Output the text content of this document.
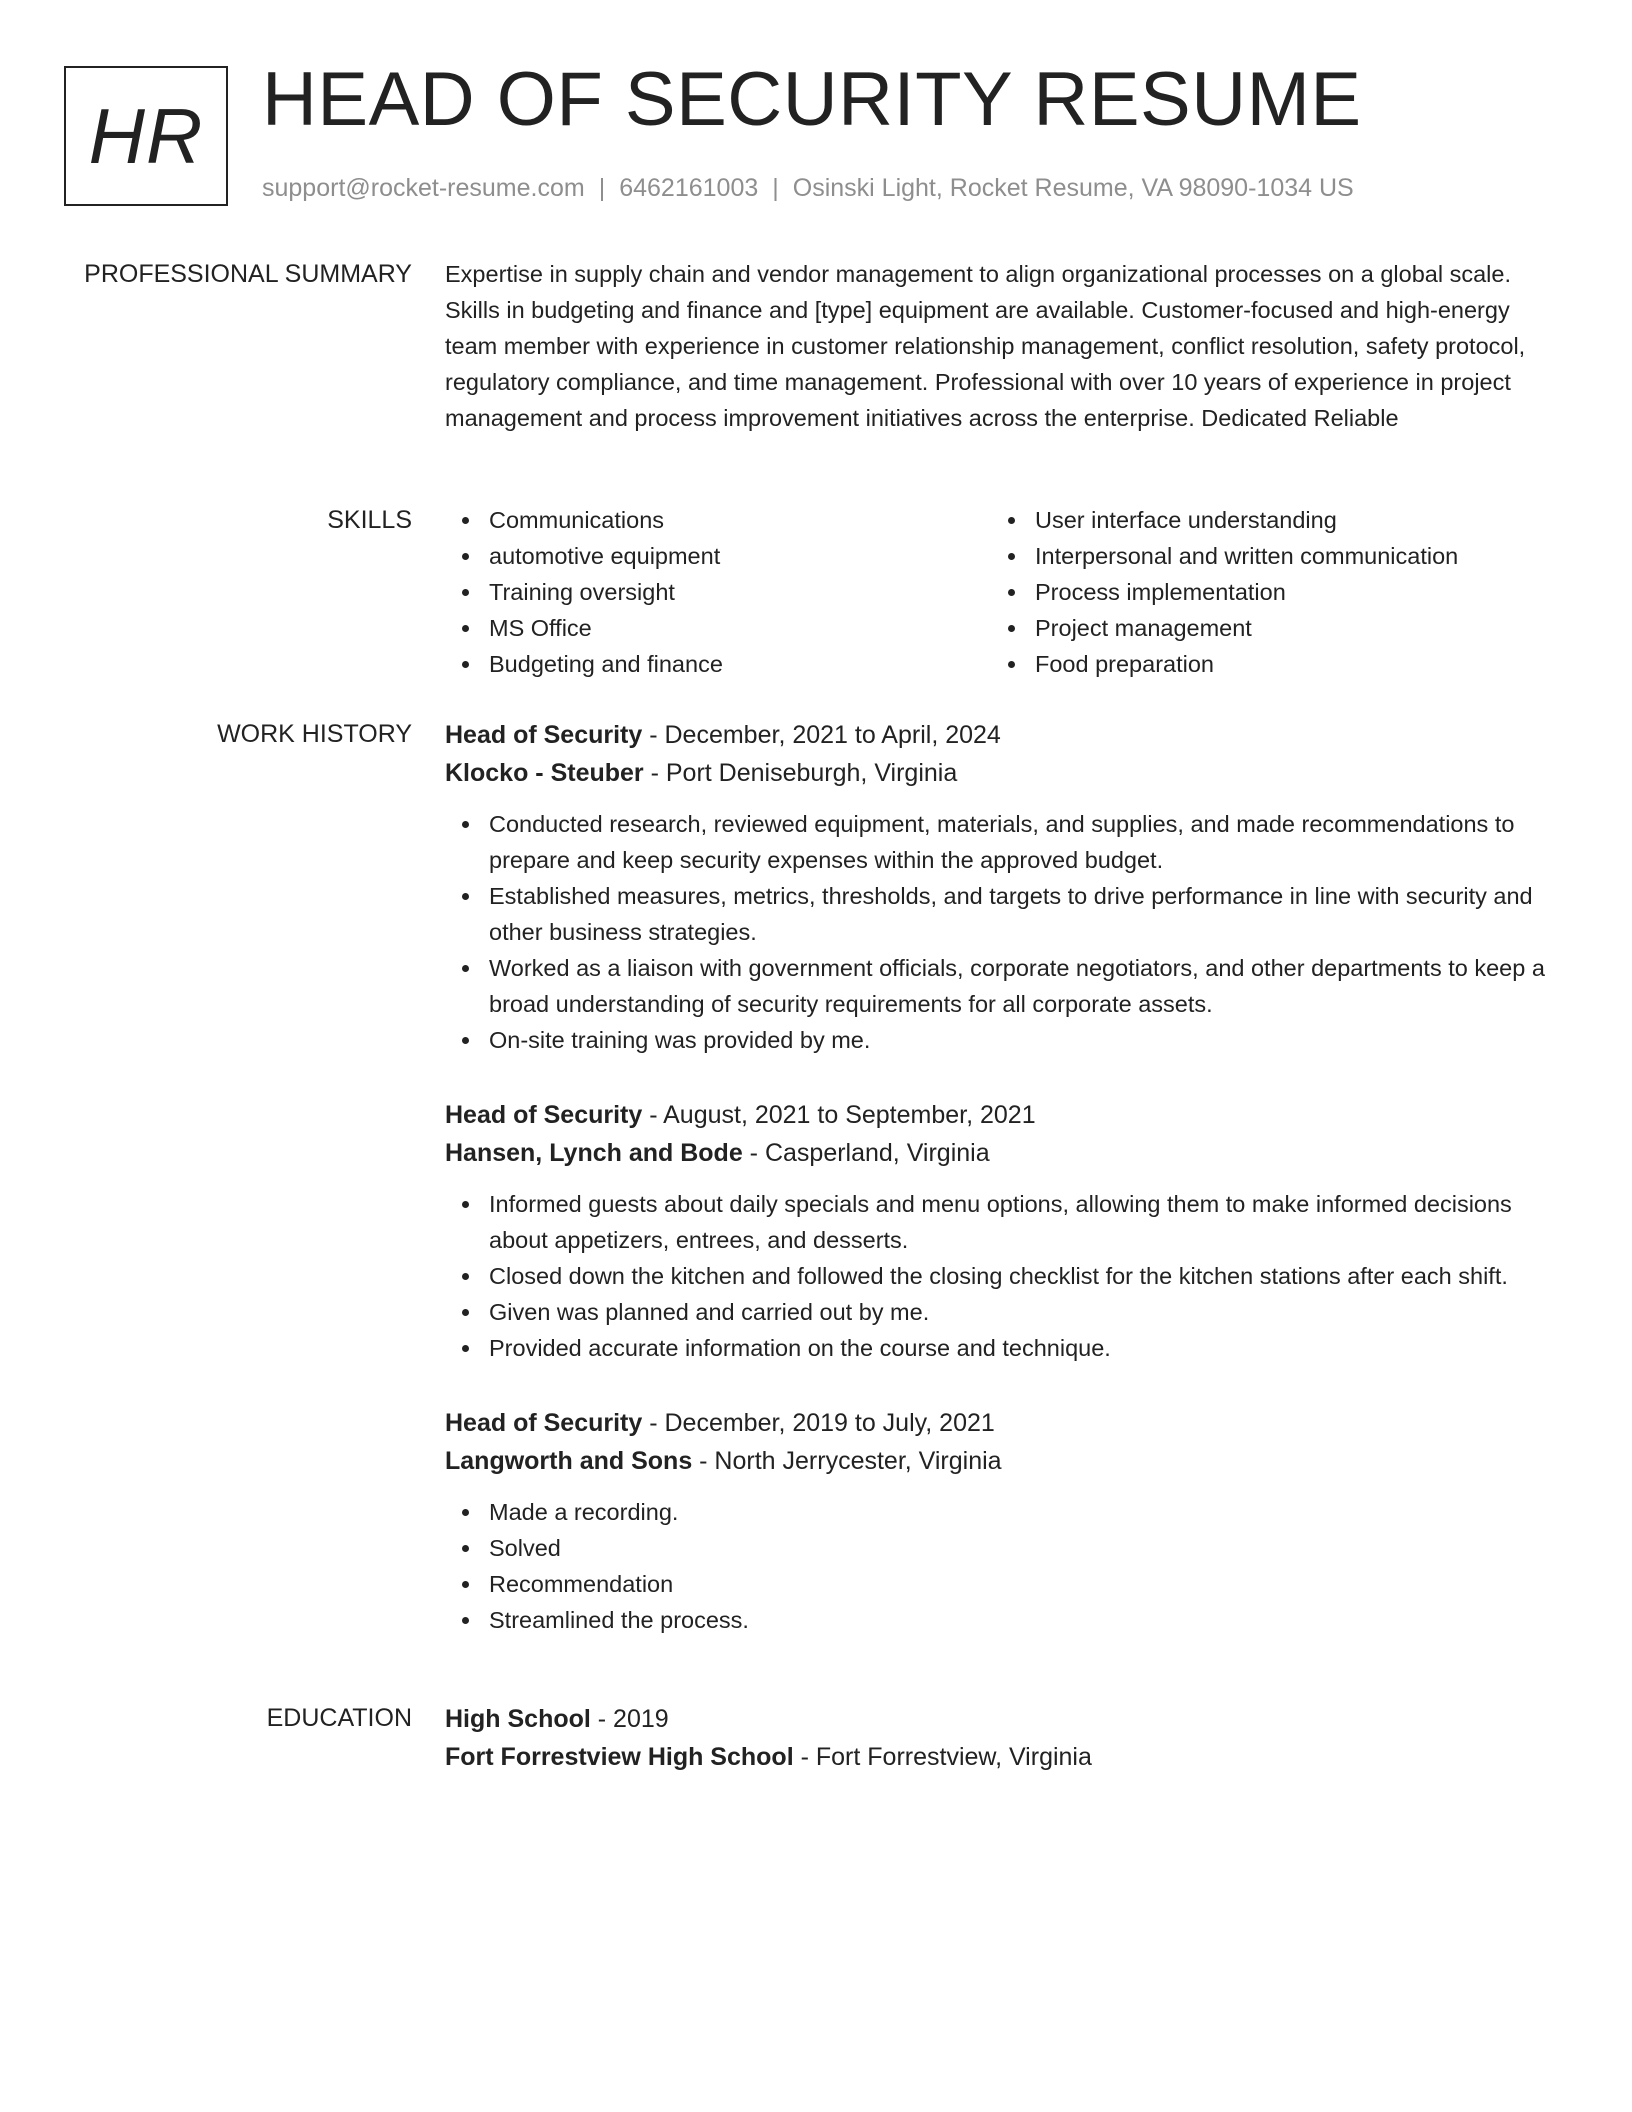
HR HEAD OF SECURITY RESUME
support@rocket-resume.com | 6462161003 | Osinski Light, Rocket Resume, VA 98090-1034 US
PROFESSIONAL SUMMARY Expertise in supply chain and vendor management to align organizational processes on a global scale. Skills in budgeting and finance and [type] equipment are available. Customer-focused and high-energy team member with experience in customer relationship management, conflict resolution, safety protocol, regulatory compliance, and time management. Professional with over 10 years of experience in project management and process improvement initiatives across the enterprise. Dedicated Reliable

SKILLS	Communications
automotive equipment
Training oversight
MS Office
Budgeting and finance
User interface understanding
Interpersonal and written communication
Process implementation
Project management
Food preparation
WORK HISTORY Head of Security - December, 2021 to April, 2024
Klocko - Steuber - Port Deniseburgh, Virginia
Conducted research, reviewed equipment, materials, and supplies, and made recommendations to prepare and keep security expenses within the approved budget.
Established measures, metrics, thresholds, and targets to drive performance in line with security and other business strategies.
Worked as a liaison with government officials, corporate negotiators, and other departments to keep a broad understanding of security requirements for all corporate assets.
On-site training was provided by me.
Head of Security - August, 2021 to September, 2021
Hansen, Lynch and Bode - Casperland, Virginia
Informed guests about daily specials and menu options, allowing them to make informed decisions about appetizers, entrees, and desserts.
Closed down the kitchen and followed the closing checklist for the kitchen stations after each shift.
Given was planned and carried out by me.
Provided accurate information on the course and technique.
Head of Security - December, 2019 to July, 2021
Langworth and Sons - North Jerrycester, Virginia
Made a recording.
Solved
Recommendation
Streamlined the process.
EDUCATION High School - 2019
Fort Forrestview High School - Fort Forrestview, Virginia
